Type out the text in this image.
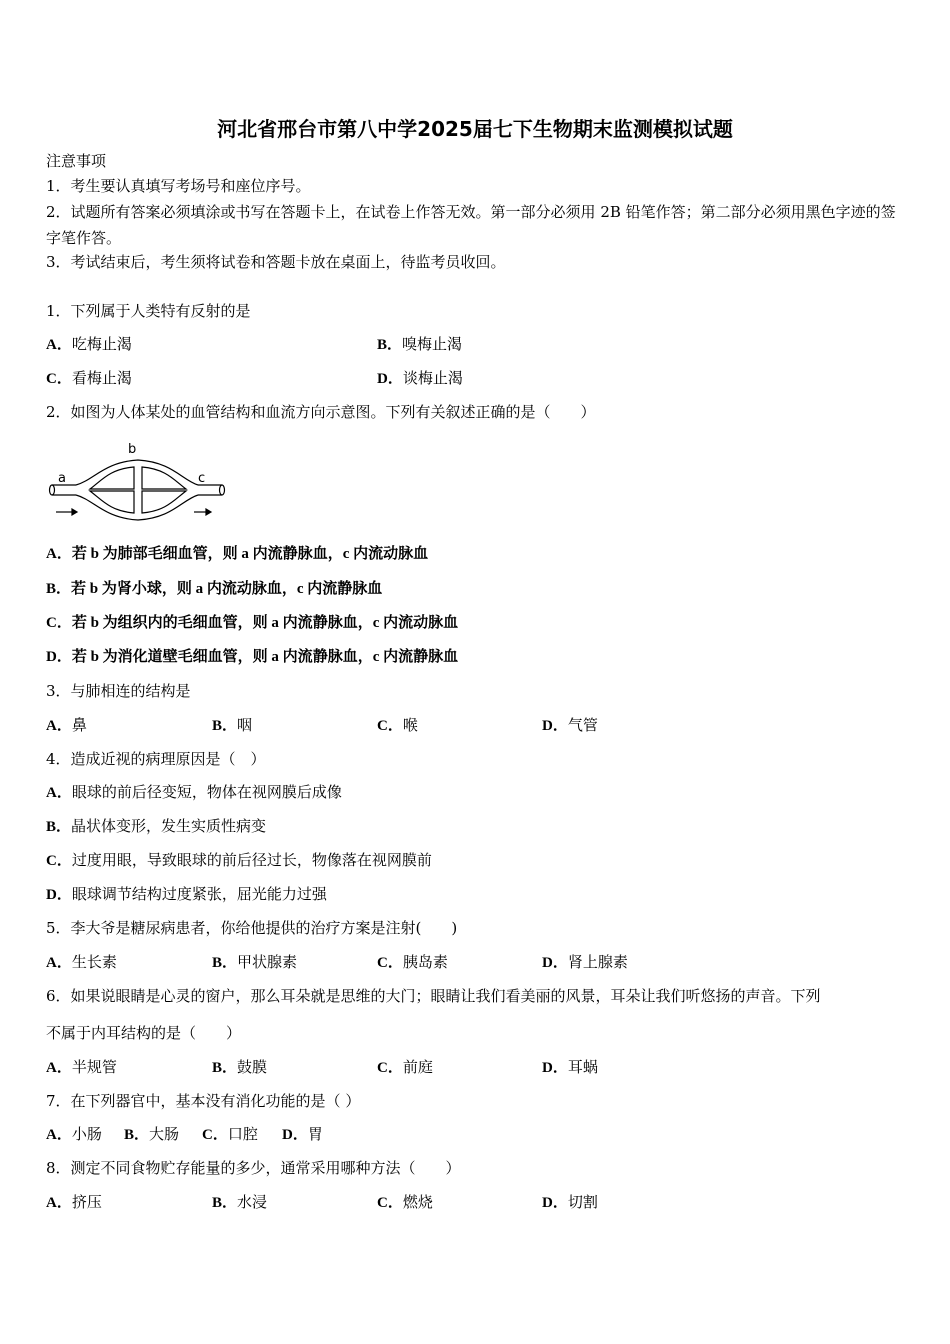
河北省邢台市第八中学2025届七下生物期末监测模拟试题
注意事项
1．考生要认真填写考场号和座位序号。
2．试题所有答案必须填涂或书写在答题卡上，在试卷上作答无效。第一部分必须用 2B 铅笔作答；第二部分必须用黑色字迹的签字笔作答。
3．考试结束后，考生须将试卷和答题卡放在桌面上，待监考员收回。
1．下列属于人类特有反射的是
A．吃梅止渴	B．嗅梅止渴
C．看梅止渴	D．谈梅止渴
2．如图为人体某处的血管结构和血流方向示意图。下列有关叙述正确的是（　　）
a
b
c
A．若 b 为肺部毛细血管，则 a 内流静脉血，c 内流动脉血
B．若 b 为肾小球，则 a 内流动脉血，c 内流静脉血
C．若 b 为组织内的毛细血管，则 a 内流静脉血，c 内流动脉血
D．若 b 为消化道壁毛细血管，则 a 内流静脉血，c 内流静脉血
3．与肺相连的结构是
A．鼻	B．咽	C．喉	D．气管
4．造成近视的病理原因是（　）
A．眼球的前后径变短，物体在视网膜后成像
B．晶状体变形，发生实质性病变
C．过度用眼，导致眼球的前后径过长，物像落在视网膜前
D．眼球调节结构过度紧张，屈光能力过强
5．李大爷是糖尿病患者，你给他提供的治疗方案是注射(　　)
A．生长素	B．甲状腺素	C．胰岛素	D．肾上腺素
6．如果说眼睛是心灵的窗户，那么耳朵就是思维的大门；眼睛让我们看美丽的风景，耳朵让我们听悠扬的声音。下列
不属于内耳结构的是（　　）
A．半规管	B．鼓膜	C．前庭	D．耳蜗
7．在下列器官中，基本没有消化功能的是（ ）
A．小肠 B．大肠 C．口腔 D．胃
8．测定不同食物贮存能量的多少，通常采用哪种方法（　　）
A．挤压	B．水浸	C．燃烧	D．切割
